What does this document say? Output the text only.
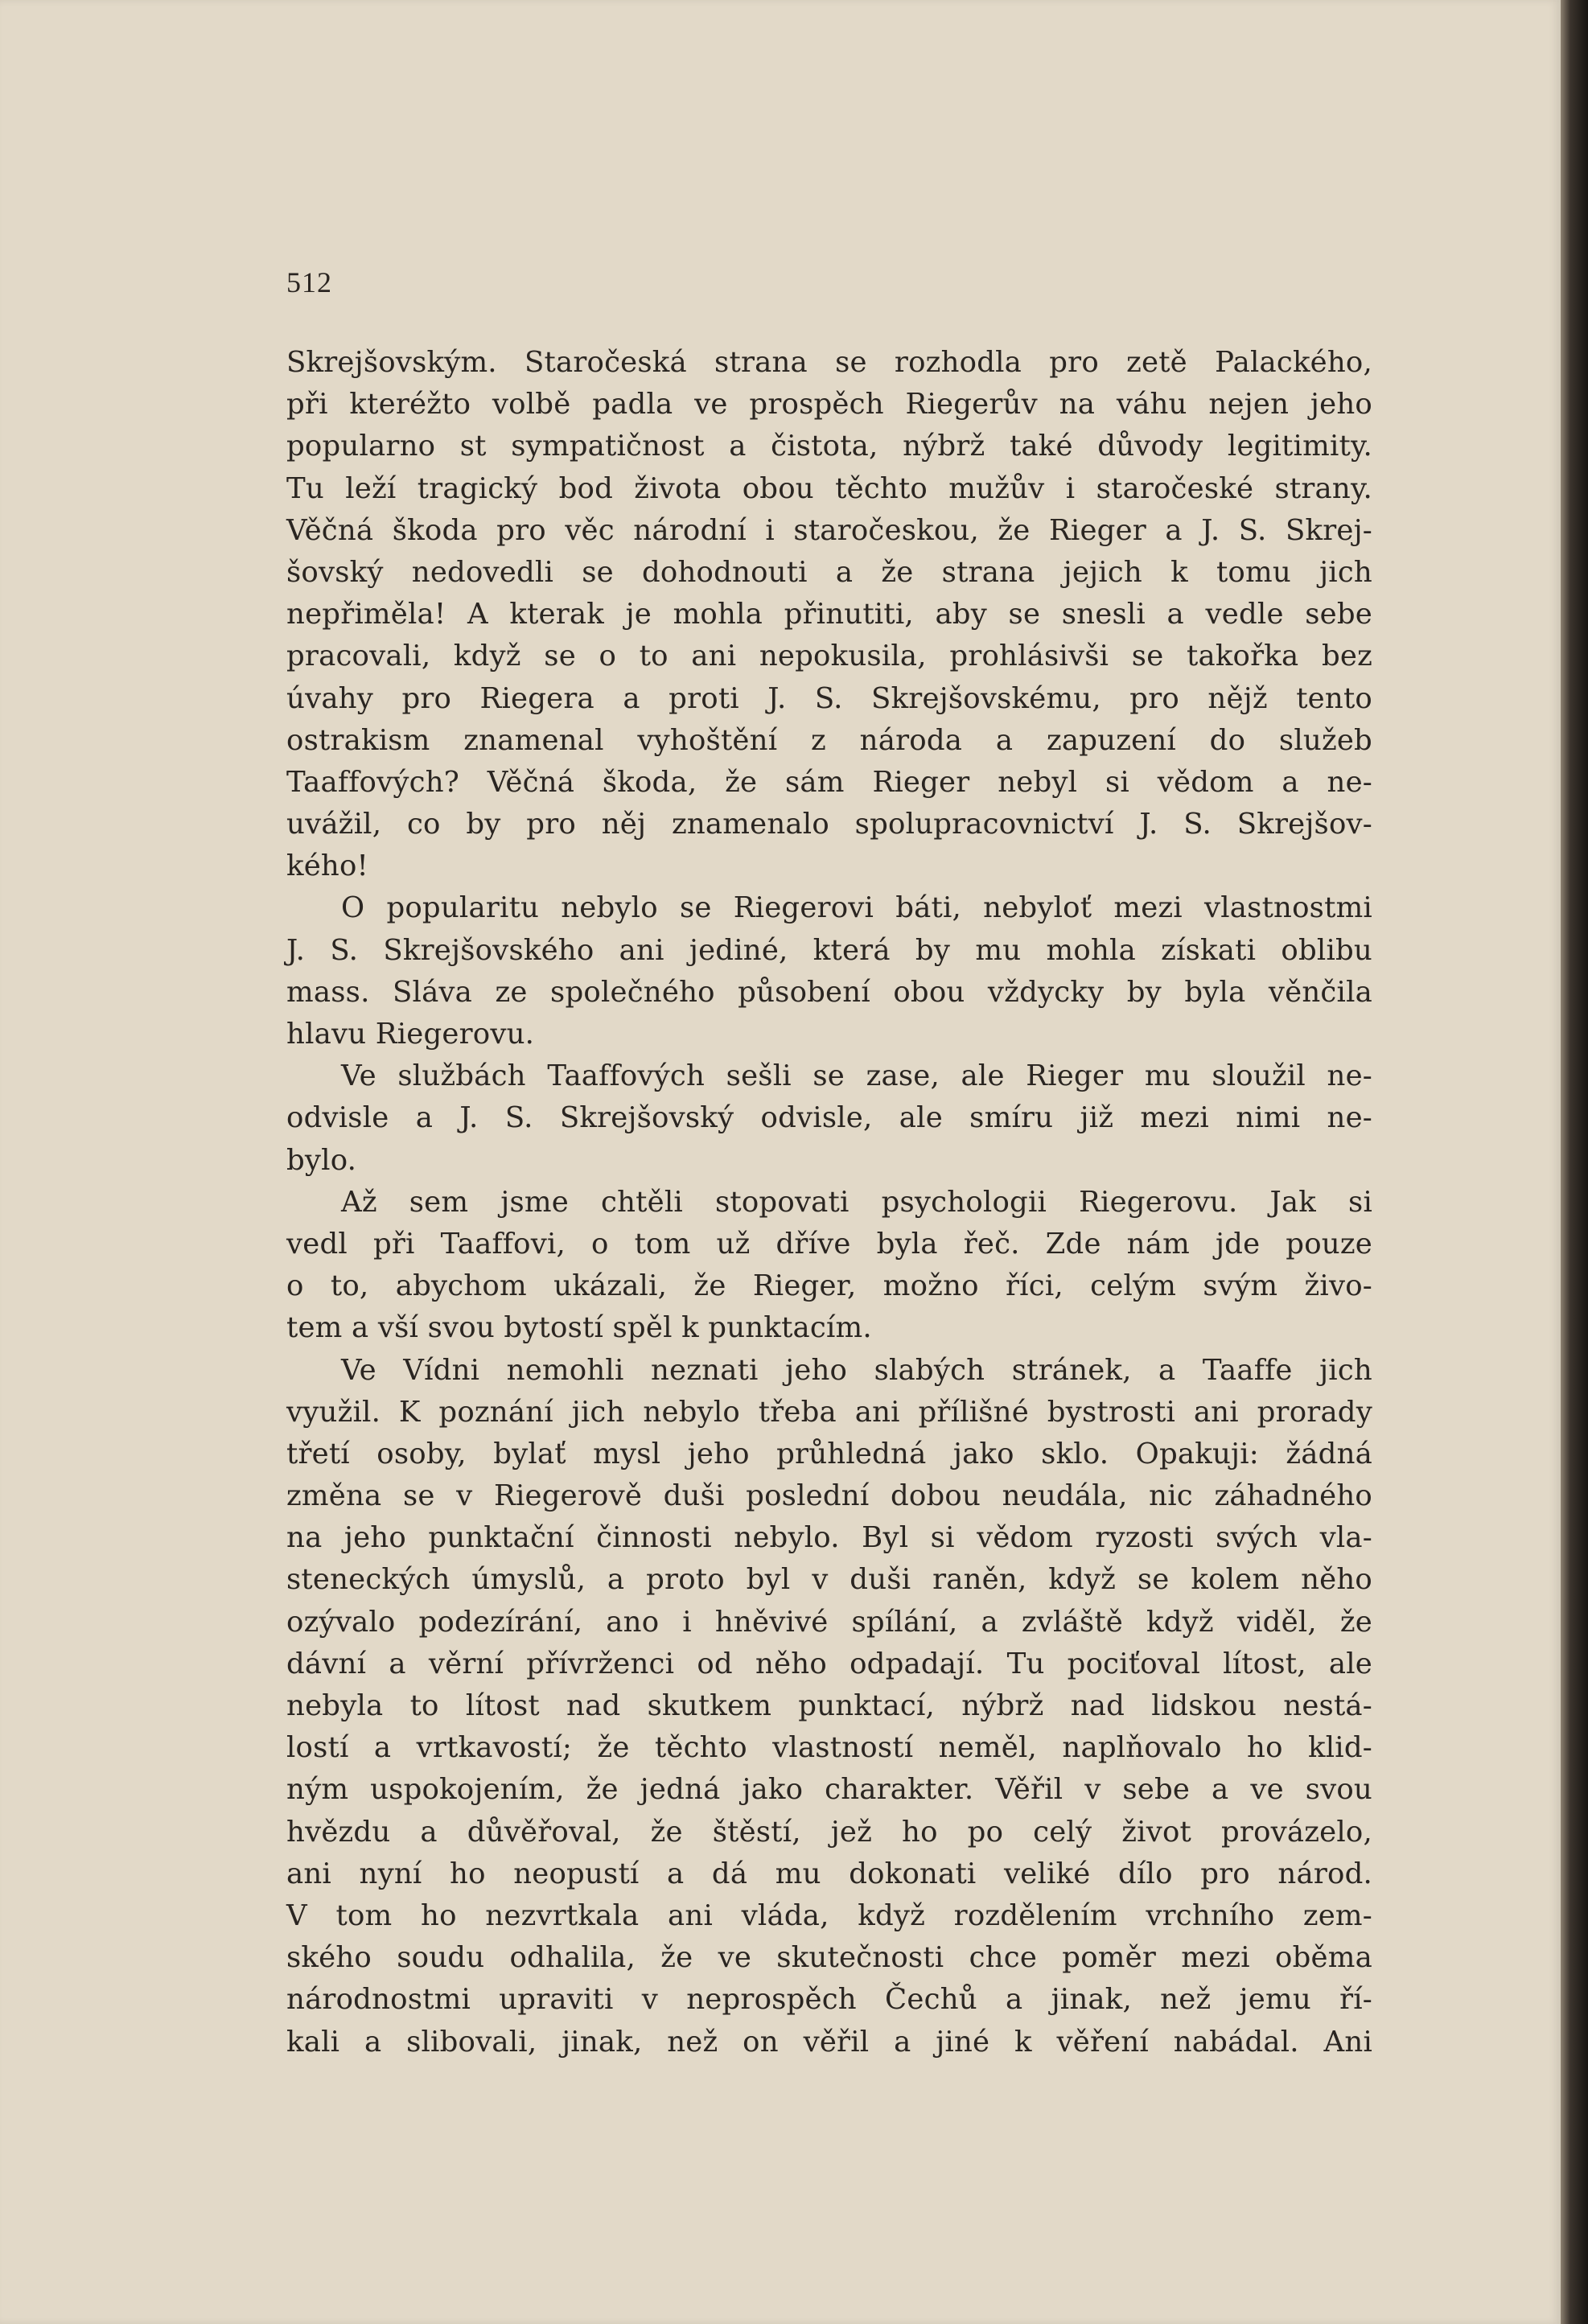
512
Skrejšovským. Staročeská strana se rozhodla pro zetě Palackého,
při kteréžto volbě padla ve prospěch Riegerův na váhu nejen jeho
popularno st sympatičnost a čistota, nýbrž také důvody legitimity.
Tu leží tragický bod života obou těchto mužův i staročeské strany.
Věčná škoda pro věc národní i staročeskou, že Rieger a J. S. Skrej‑
šovský nedovedli se dohodnouti a že strana jejich k tomu jich
nepřiměla! A kterak je mohla přinutiti, aby se snesli a vedle sebe
pracovali, když se o to ani nepokusila, prohlásivši se takořka bez
úvahy pro Riegera a proti J. S. Skrejšovskému, pro nějž tento
ostrakism znamenal vyhoštění z národa a zapuzení do služeb
Taaffových? Věčná škoda, že sám Rieger nebyl si vědom a ne‑
uvážil, co by pro něj znamenalo spolupracovnictví J. S. Skrejšov‑
kého!
O popularitu nebylo se Riegerovi báti, nebyloť mezi vlastnostmi
J. S. Skrejšovského ani jediné, která by mu mohla získati oblibu
mass. Sláva ze společného působení obou vždycky by byla věnčila
hlavu Riegerovu.
Ve službách Taaffových sešli se zase, ale Rieger mu sloužil ne‑
odvisle a J. S. Skrejšovský odvisle, ale smíru již mezi nimi ne‑
bylo.
Až sem jsme chtěli stopovati psychologii Riegerovu. Jak si
vedl při Taaffovi, o tom už dříve byla řeč. Zde nám jde pouze
o to, abychom ukázali, že Rieger, možno říci, celým svým živo‑
tem a vší svou bytostí spěl k punktacím.
Ve Vídni nemohli neznati jeho slabých stránek, a Taaffe jich
využil. K poznání jich nebylo třeba ani přílišné bystrosti ani prorady
třetí osoby, bylať mysl jeho průhledná jako sklo. Opakuji: žádná
změna se v Riegerově duši poslední dobou neudála, nic záhadného
na jeho punktační činnosti nebylo. Byl si vědom ryzosti svých vla‑
steneckých úmyslů, a proto byl v duši raněn, když se kolem něho
ozývalo podezírání, ano i hněvivé spílání, a zvláště když viděl, že
dávní a věrní přívrženci od něho odpadají. Tu pociťoval lítost, ale
nebyla to lítost nad skutkem punktací, nýbrž nad lidskou nestá‑
lostí a vrtkavostí; že těchto vlastností neměl, naplňovalo ho klid‑
ným uspokojením, že jedná jako charakter. Věřil v sebe a ve svou
hvězdu a důvěřoval, že štěstí, jež ho po celý život provázelo,
ani nyní ho neopustí a dá mu dokonati veliké dílo pro národ.
V tom ho nezvrtkala ani vláda, když rozdělením vrchního zem‑
ského soudu odhalila, že ve skutečnosti chce poměr mezi oběma
národnostmi upraviti v neprospěch Čechů a jinak, než jemu ří‑
kali a slibovali, jinak, než on věřil a jiné k věření nabádal. Ani
